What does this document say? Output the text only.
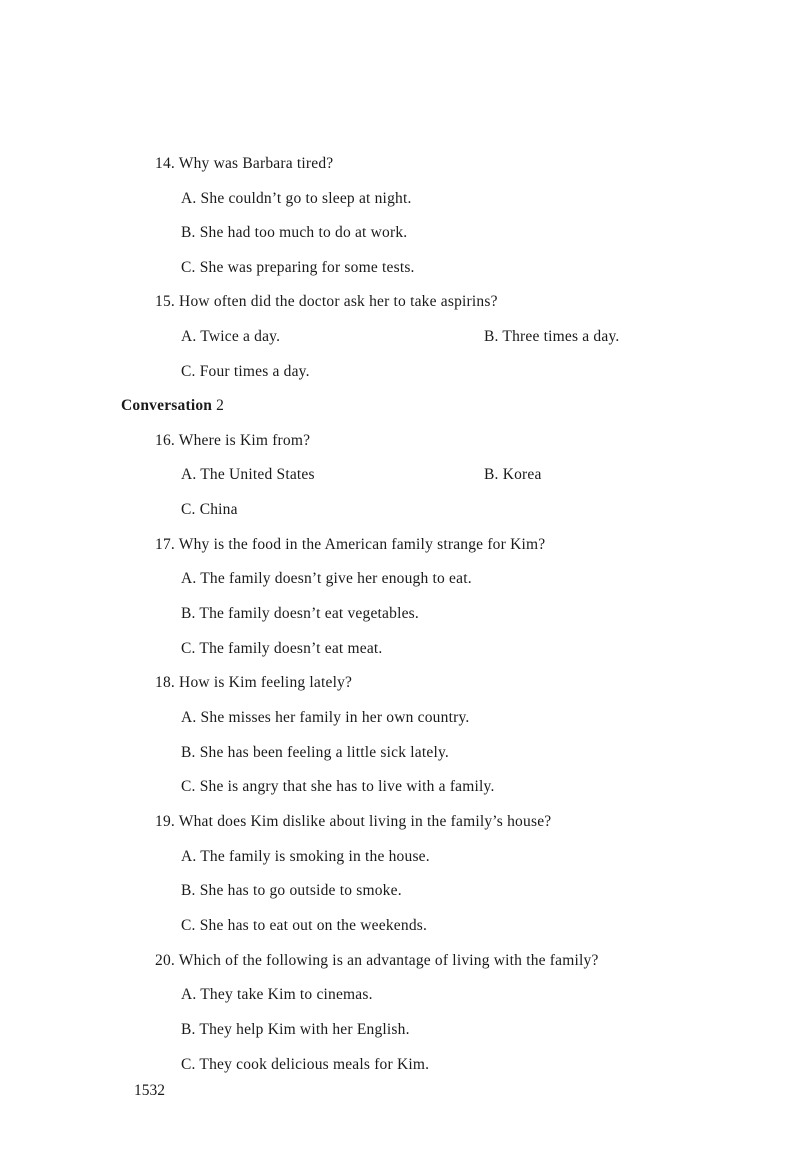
14. Why was Barbara tired?
A. She couldn’t go to sleep at night.
B. She had too much to do at work.
C. She was preparing for some tests.
15. How often did the doctor ask her to take aspirins?
A. Twice a day.	B. Three times a day.
C. Four times a day.
Conversation 2
16. Where is Kim from?
A. The United States	B. Korea
C. China
17. Why is the food in the American family strange for Kim?
A. The family doesn’t give her enough to eat.
B. The family doesn’t eat vegetables.
C. The family doesn’t eat meat.
18. How is Kim feeling lately?
A. She misses her family in her own country.
B. She has been feeling a little sick lately.
C. She is angry that she has to live with a family.
19. What does Kim dislike about living in the family’s house?
A. The family is smoking in the house.
B. She has to go outside to smoke.
C. She has to eat out on the weekends.
20. Which of the following is an advantage of living with the family?
A. They take Kim to cinemas.
B. They help Kim with her English.
C. They cook delicious meals for Kim.
1532
